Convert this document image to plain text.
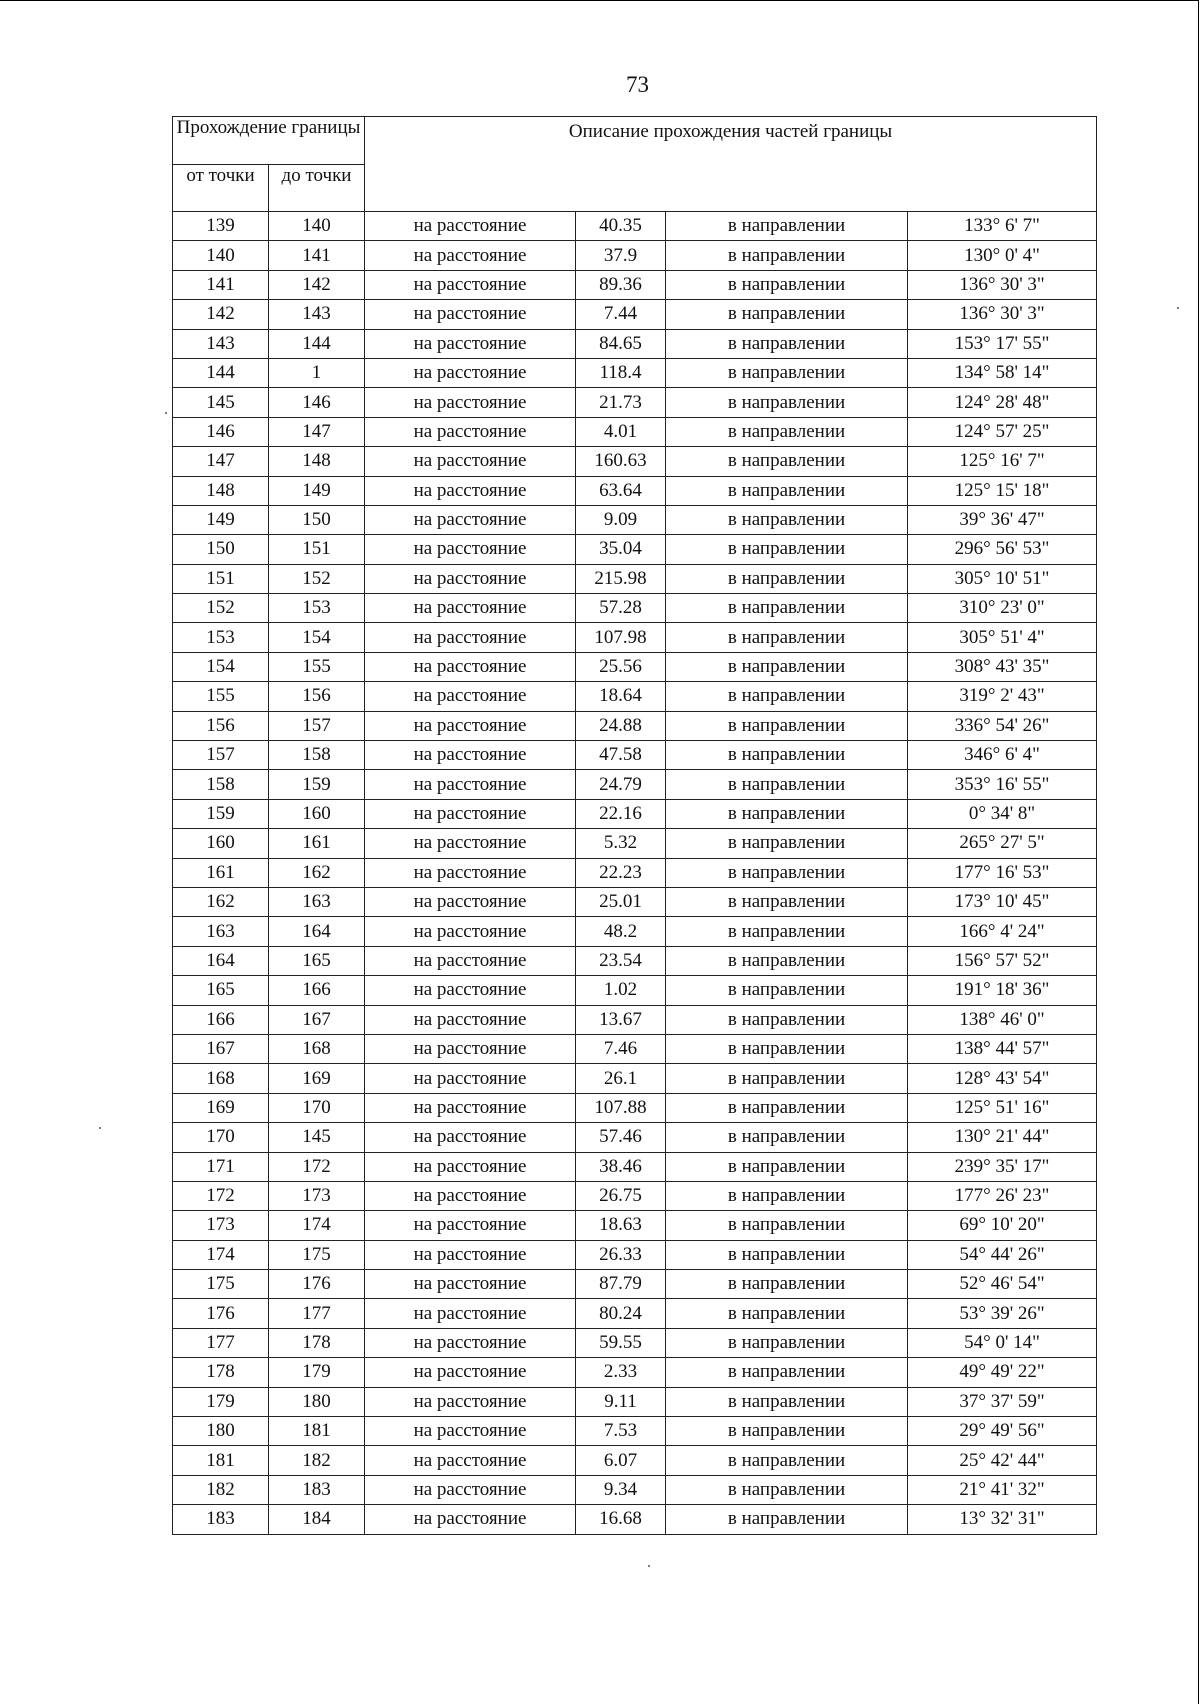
73
Прохождение границы		Описание прохождения частей границы			
от точки	до точки				
139	140	на расстояние	40.35	в направлении	133° 6' 7"
140	141	на расстояние	37.9	в направлении	130° 0' 4"
141	142	на расстояние	89.36	в направлении	136° 30' 3"
142	143	на расстояние	7.44	в направлении	136° 30' 3"
143	144	на расстояние	84.65	в направлении	153° 17' 55"
144	1	на расстояние	118.4	в направлении	134° 58' 14"
145	146	на расстояние	21.73	в направлении	124° 28' 48"
146	147	на расстояние	4.01	в направлении	124° 57' 25"
147	148	на расстояние	160.63	в направлении	125° 16' 7"
148	149	на расстояние	63.64	в направлении	125° 15' 18"
149	150	на расстояние	9.09	в направлении	39° 36' 47"
150	151	на расстояние	35.04	в направлении	296° 56' 53"
151	152	на расстояние	215.98	в направлении	305° 10' 51"
152	153	на расстояние	57.28	в направлении	310° 23' 0"
153	154	на расстояние	107.98	в направлении	305° 51' 4"
154	155	на расстояние	25.56	в направлении	308° 43' 35"
155	156	на расстояние	18.64	в направлении	319° 2' 43"
156	157	на расстояние	24.88	в направлении	336° 54' 26"
157	158	на расстояние	47.58	в направлении	346° 6' 4"
158	159	на расстояние	24.79	в направлении	353° 16' 55"
159	160	на расстояние	22.16	в направлении	0° 34' 8"
160	161	на расстояние	5.32	в направлении	265° 27' 5"
161	162	на расстояние	22.23	в направлении	177° 16' 53"
162	163	на расстояние	25.01	в направлении	173° 10' 45"
163	164	на расстояние	48.2	в направлении	166° 4' 24"
164	165	на расстояние	23.54	в направлении	156° 57' 52"
165	166	на расстояние	1.02	в направлении	191° 18' 36"
166	167	на расстояние	13.67	в направлении	138° 46' 0"
167	168	на расстояние	7.46	в направлении	138° 44' 57"
168	169	на расстояние	26.1	в направлении	128° 43' 54"
169	170	на расстояние	107.88	в направлении	125° 51' 16"
170	145	на расстояние	57.46	в направлении	130° 21' 44"
171	172	на расстояние	38.46	в направлении	239° 35' 17"
172	173	на расстояние	26.75	в направлении	177° 26' 23"
173	174	на расстояние	18.63	в направлении	69° 10' 20"
174	175	на расстояние	26.33	в направлении	54° 44' 26"
175	176	на расстояние	87.79	в направлении	52° 46' 54"
176	177	на расстояние	80.24	в направлении	53° 39' 26"
177	178	на расстояние	59.55	в направлении	54° 0' 14"
178	179	на расстояние	2.33	в направлении	49° 49' 22"
179	180	на расстояние	9.11	в направлении	37° 37' 59"
180	181	на расстояние	7.53	в направлении	29° 49' 56"
181	182	на расстояние	6.07	в направлении	25° 42' 44"
182	183	на расстояние	9.34	в направлении	21° 41' 32"
183	184	на расстояние	16.68	в направлении	13° 32' 31"
